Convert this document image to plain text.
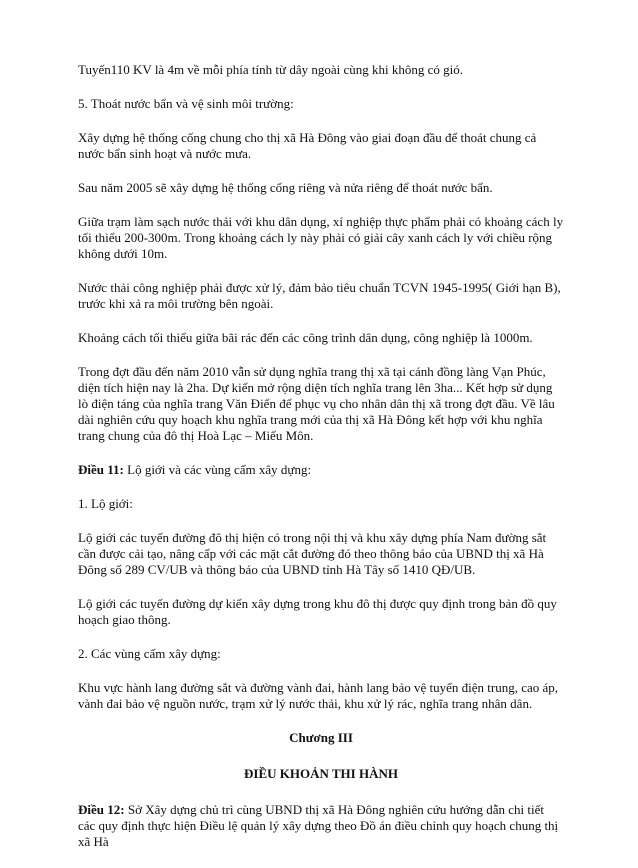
Tuyến110 KV là 4m về mỗi phía tính từ dây ngoài cùng khi không có gió.

5. Thoát nước bẩn và vệ sinh môi trường:

Xây dựng hệ thống cống chung cho thị xã Hà Đông vào giai đoạn đầu để thoát chung cả nước bẩn sinh hoạt và nước mưa.

Sau năm 2005 sẽ xây dựng hệ thống cống riêng và nửa riêng để thoát nước bẩn.

Giữa trạm làm sạch nước thải với khu dân dụng, xí nghiệp thực phẩm phải có khoảng cách ly tối thiểu 200-300m. Trong khoảng cách ly này phải có giải cây xanh cách ly với chiều rộng không dưới 10m.

Nước thải công nghiệp phải được xử lý, đảm bảo tiêu chuẩn TCVN 1945-1995( Giới hạn B), trước khi xả ra môi trường bên ngoài.

Khoảng cách tối thiểu giữa bãi rác đến các công trình dân dụng, công nghiệp là 1000m.

Trong đợt đầu đến năm 2010 vẫn sử dụng nghĩa trang thị xã tại cánh đồng làng Vạn Phúc, diện tích hiện nay là 2ha. Dự kiến mở rộng diện tích nghĩa trang lên 3ha... Kết hợp sử dụng lò điện táng của nghĩa trang Văn Điển để phục vụ cho nhân dân thị xã trong đợt đầu. Về lâu dài nghiên cứu quy hoạch khu nghĩa trang mới của thị xã Hà Đông kết hợp với khu nghĩa trang chung của đô thị Hoà Lạc – Miếu Môn.

Điều 11: Lộ giới và các vùng cấm xây dựng:

1. Lộ giới:

Lộ giới các tuyến đường đô thị hiện có trong nội thị và khu xây dựng phía Nam đường sắt cần được cải tạo, nâng cấp với các mặt cắt đường đó theo thông báo của UBND thị xã Hà Đông số 289 CV/UB và thông báo của UBND tỉnh Hà Tây số 1410 QĐ/UB.

Lộ giới các tuyến đường dự kiến xây dựng trong khu đô thị được quy định trong bản đồ quy hoạch giao thông.

2. Các vùng cấm xây dựng:

Khu vực hành lang đường sắt và đường vành đai, hành lang bảo vệ tuyến điện trung, cao áp, vành đai bảo vệ nguồn nước, trạm xử lý nước thải, khu xử lý rác, nghĩa trang nhân dân.

Chương III

ĐIỀU KHOẢN THI HÀNH

Điều 12: Sở Xây dựng chủ trì cùng UBND thị xã Hà Đông nghiên cứu hướng dẫn chi tiết các quy định thực hiện Điều lệ quản lý xây dựng theo Đồ án điều chỉnh quy hoạch chung thị xã Hà
